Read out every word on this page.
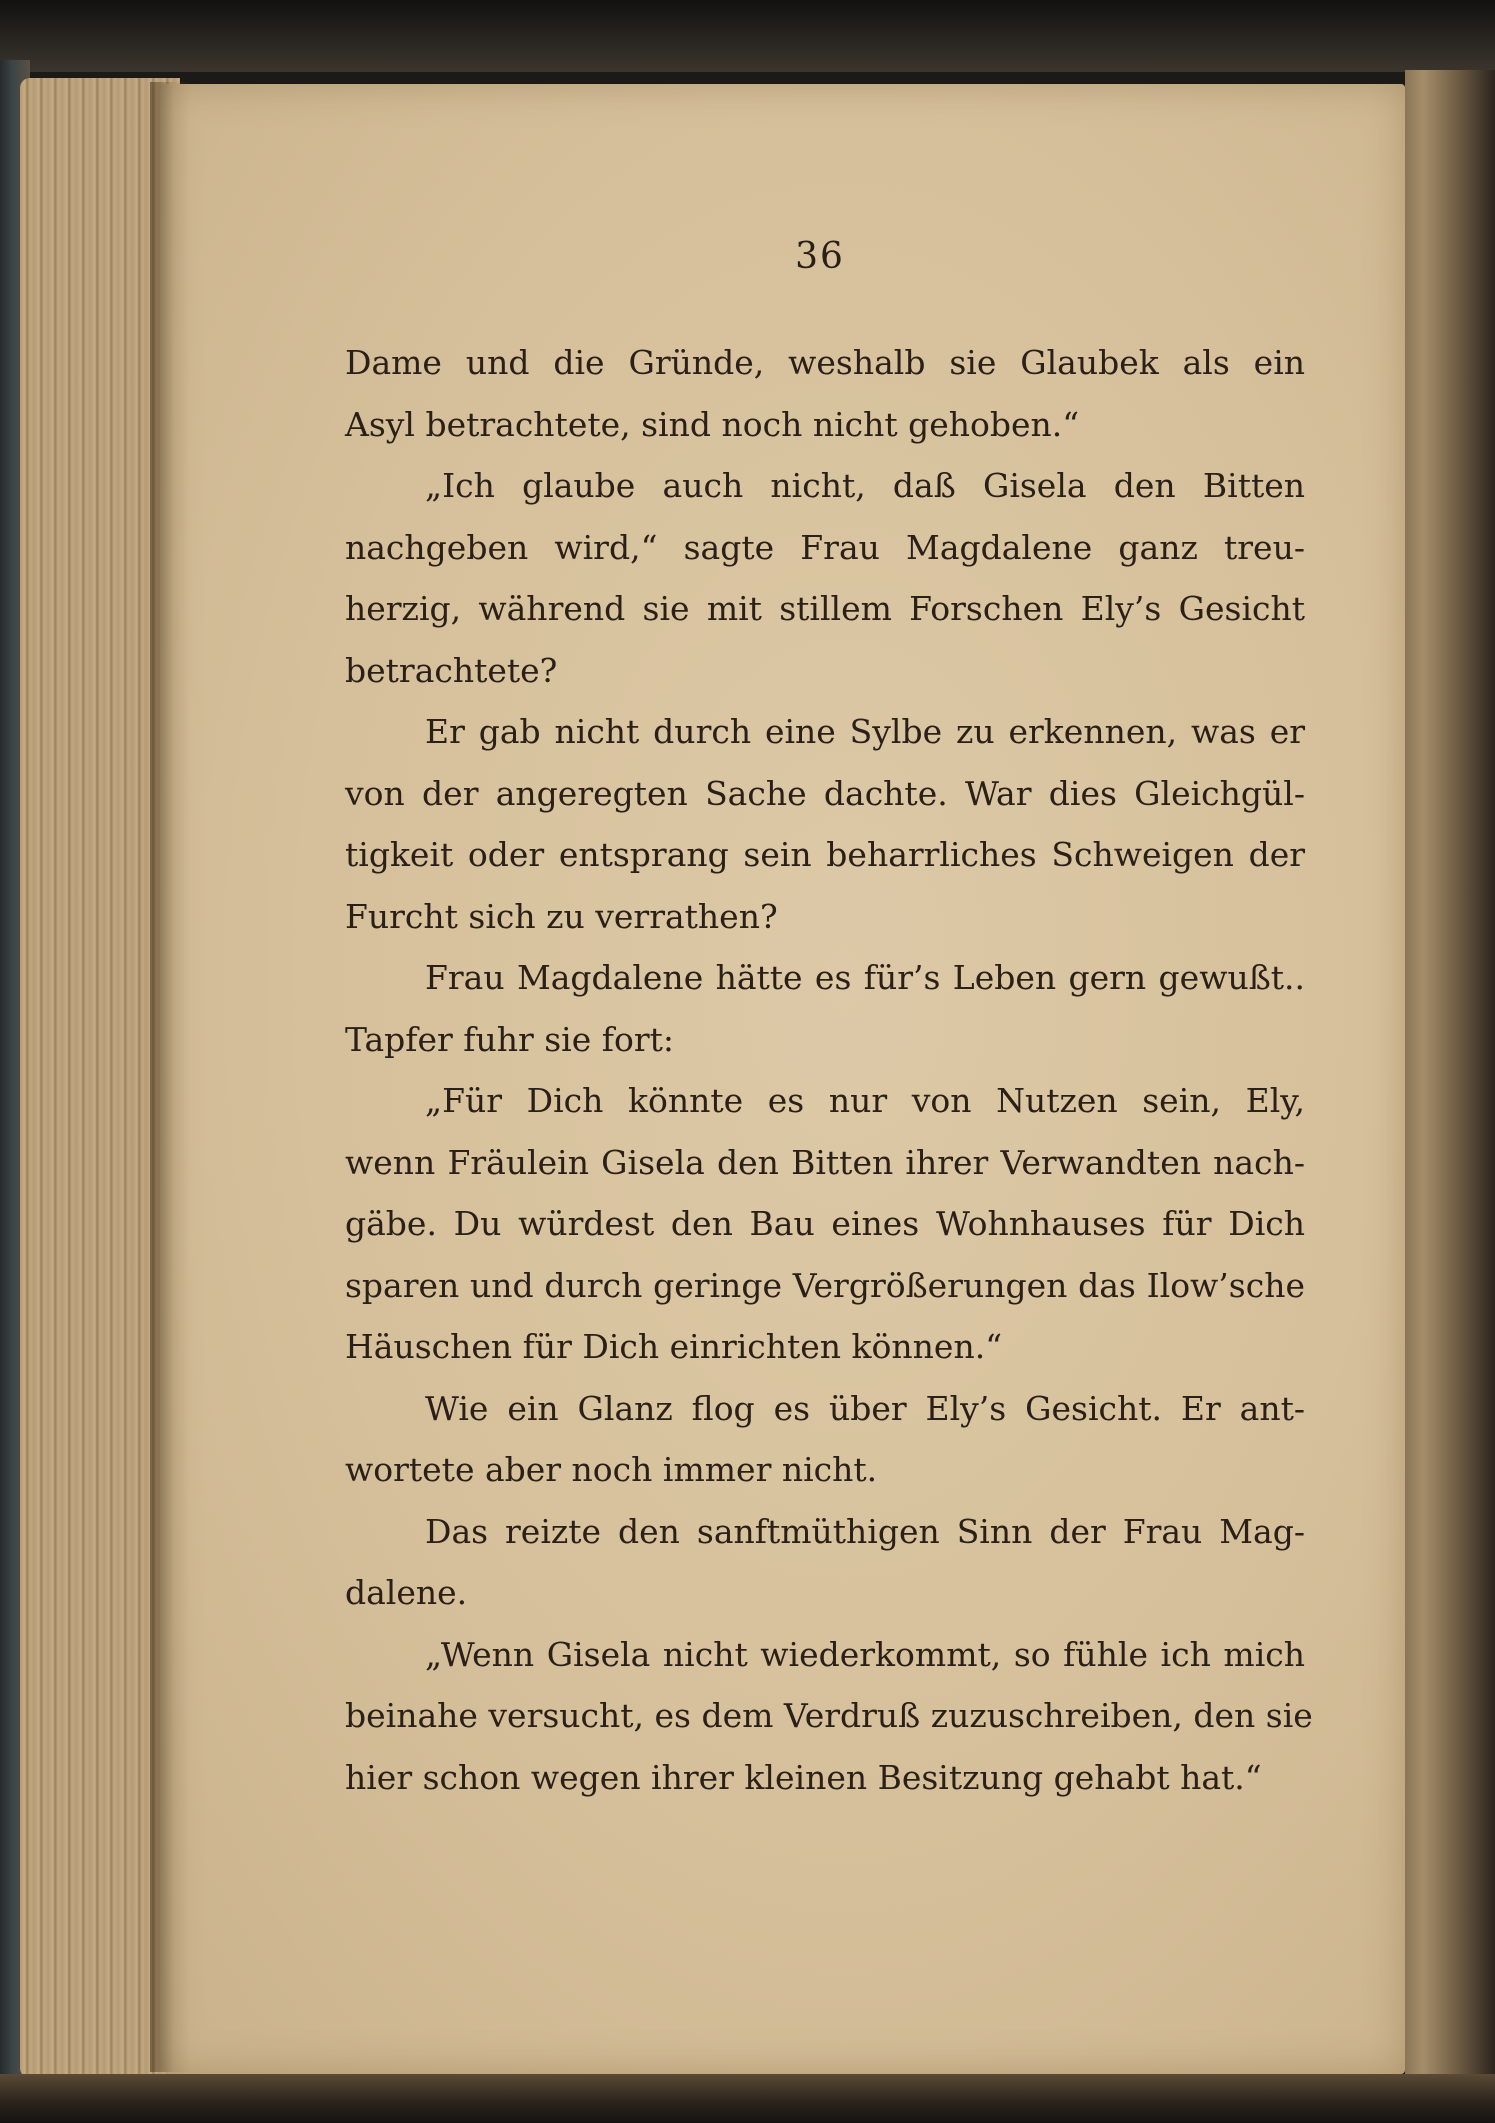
36
Dame und die Gründe, weshalb sie Glaubek als ein
Asyl betrachtete, sind noch nicht gehoben.“
„Ich glaube auch nicht, daß Gisela den Bitten
nachgeben wird,“ sagte Frau Magdalene ganz treu-
herzig, während sie mit stillem Forschen Ely’s Gesicht
betrachtete?
Er gab nicht durch eine Sylbe zu erkennen, was er
von der angeregten Sache dachte. War dies Gleichgül-
tigkeit oder entsprang sein beharrliches Schweigen der
Furcht sich zu verrathen?
Frau Magdalene hätte es für’s Leben gern gewußt..
Tapfer fuhr sie fort:
„Für Dich könnte es nur von Nutzen sein, Ely,
wenn Fräulein Gisela den Bitten ihrer Verwandten nach-
gäbe. Du würdest den Bau eines Wohnhauses für Dich
sparen und durch geringe Vergrößerungen das Ilow’sche
Häuschen für Dich einrichten können.“
Wie ein Glanz flog es über Ely’s Gesicht. Er ant-
wortete aber noch immer nicht.
Das reizte den sanftmüthigen Sinn der Frau Mag-
dalene.
„Wenn Gisela nicht wiederkommt, so fühle ich mich
beinahe versucht, es dem Verdruß zuzuschreiben, den sie
hier schon wegen ihrer kleinen Besitzung gehabt hat.“
